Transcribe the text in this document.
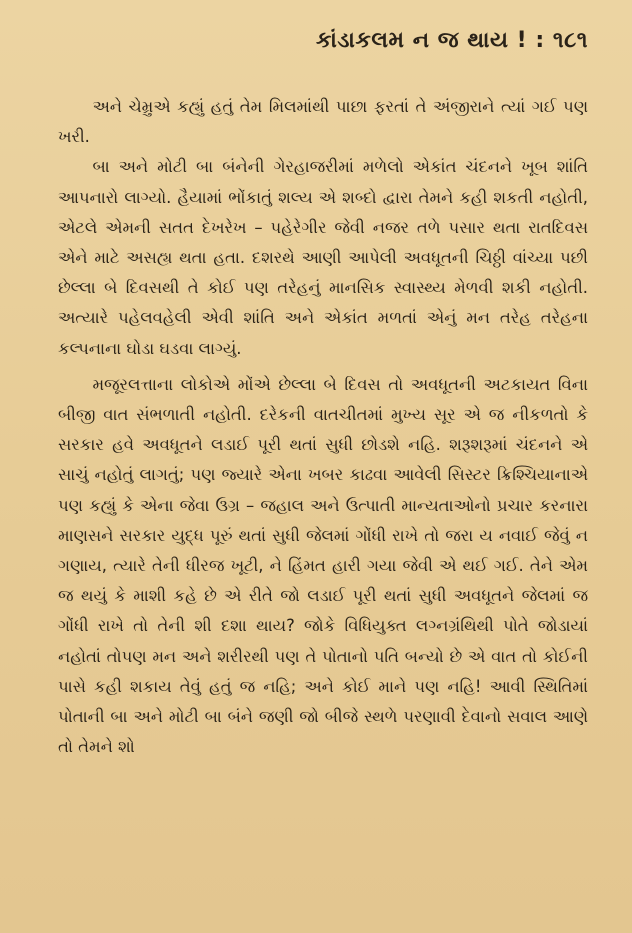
કાંડાકલમ ન જ થાય ! : ૧૮૧

અને ચેમ્રુએ કહ્યું હતું તેમ મિલમાંથી પાછા ફરતાં તે અંજીરાને ત્યાં ગઈ પણ ખરી.

બા અને મોટી બા બંનેની ગેરહાજરીમાં મળેલો એકાંત ચંદનને ખૂબ શાંતિ આપનારો લાગ્યો. હૈયામાં ભોંકાતું શલ્ય એ શબ્દો દ્વારા તેમને કહી શકતી નહોતી, એટલે એમની સતત દેખરેખ – પહેરેગીર જેવી નજર તળે પસાર થતા રાતદિવસ એને માટે અસહ્ય થતા હતા. દશરથે આણી આપેલી અવધૂતની ચિઠ્ઠી વાંચ્યા પછી છેલ્લા બે દિવસથી તે કોઈ પણ તરેહનું માનસિક સ્વાસ્થ્ય મેળવી શકી નહોતી. અત્યારે પહેલવહેલી એવી શાંતિ અને એકાંત મળતાં એનું મન તરેહ તરેહના કલ્પનાના ઘોડા ઘડવા લાગ્યું.

મજૂરલત્તાના લોકોએ મોંએ છેલ્લા બે દિવસ તો અવધૂતની અટકાયત વિના બીજી વાત સંભળાતી નહોતી. દરેકની વાતચીતમાં મુખ્ય સૂર એ જ નીકળતો કે સરકાર હવે અવધૂતને લડાઈ પૂરી થતાં સુધી છોડશે નહિ. શરૂશરૂમાં ચંદનને એ સાચું નહોતું લાગતું; પણ જ્યારે એના ખબર કાઢવા આવેલી સિસ્ટર ક્રિશ્ચિયાનાએ પણ કહ્યું કે એના જેવા ઉગ્ર – જહાલ અને ઉત્પાતી માન્યતાઓનો પ્રચાર કરનારા માણસને સરકાર યુદ્ધ પૂરું થતાં સુધી જેલમાં ગોંધી રાખે તો જરા ય નવાઈ જેવું ન ગણાય, ત્યારે તેની ધીરજ ખૂટી, ને હિંમત હારી ગયા જેવી એ થઈ ગઈ. તેને એમ જ થયું કે માશી કહે છે એ રીતે જો લડાઈ પૂરી થતાં સુધી અવધૂતને જેલમાં જ ગોંધી રાખે તો તેની શી દશા થાય? જોકે વિધિયુક્ત લગ્નગ્રંથિથી પોતે જોડાયાં નહોતાં તોપણ મન અને શરીરથી પણ તે પોતાનો પતિ બન્યો છે એ વાત તો કોઈની પાસે કહી શકાય તેવું હતું જ નહિ; અને કોઈ માને પણ નહિ! આવી સ્થિતિમાં પોતાની બા અને મોટી બા બંને જણી જો બીજે સ્થળે પરણાવી દેવાનો સવાલ આણે તો તેમને શો
